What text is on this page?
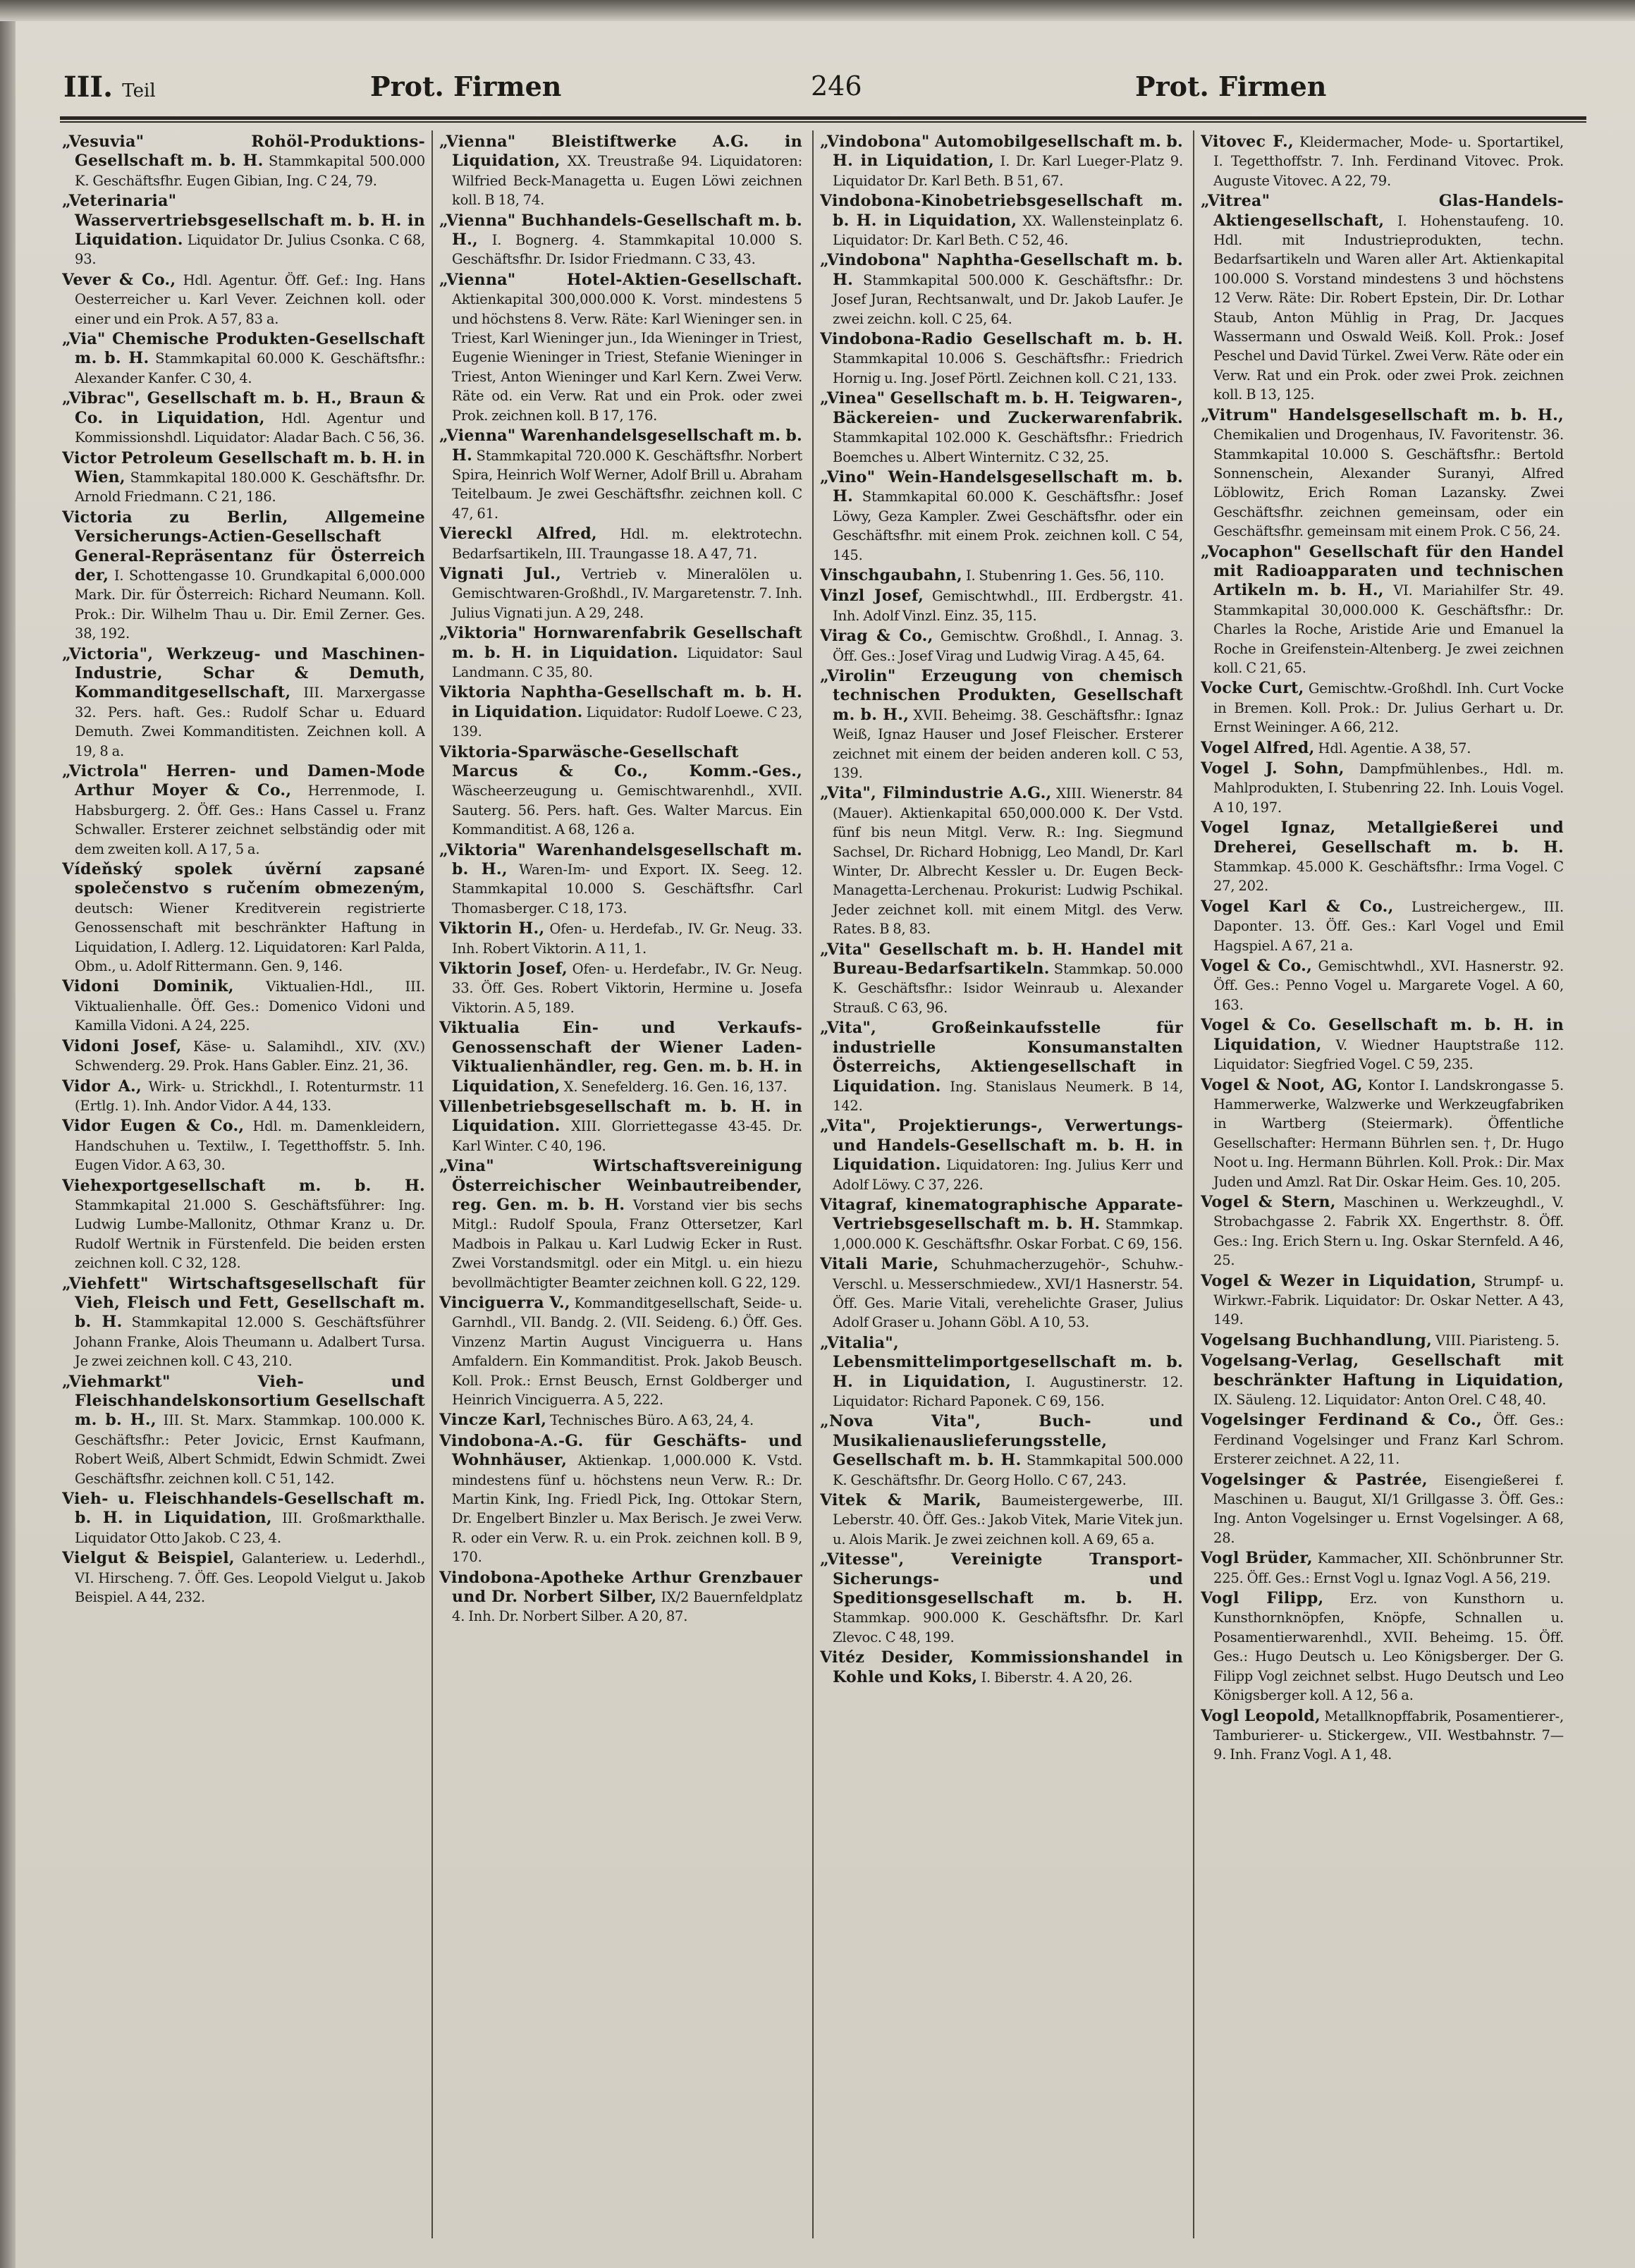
III. Teil	Prot. Firmen	246	Prot. Firmen

„Vesuvia" Rohöl-Produktions-Gesellschaft m. b. H. Stammkapital 500.000 K. Geschäftsfhr. Eugen Gibian, Ing. C 24, 79.

„Veterinaria" Wasservertriebsgesellschaft m. b. H. in Liquidation. Liquidator Dr. Julius Csonka. C 68, 93.

Vever & Co., Hdl. Agentur. Öff. Gef.: Ing. Hans Oesterreicher u. Karl Vever. Zeichnen koll. oder einer und ein Prok. A 57, 83 a.

„Via" Chemische Produkten-Gesellschaft m. b. H. Stammkapital 60.000 K. Geschäftsfhr.: Alexander Kanfer. C 30, 4.

„Vibrac", Gesellschaft m. b. H., Braun & Co. in Liquidation, Hdl. Agentur und Kommissionshdl. Liquidator: Aladar Bach. C 56, 36.

Victor Petroleum Gesellschaft m. b. H. in Wien, Stammkapital 180.000 K. Geschäftsfhr. Dr. Arnold Friedmann. C 21, 186.

Victoria zu Berlin, Allgemeine Versicherungs-Actien-Gesellschaft General-Repräsentanz für Österreich der, I. Schottengasse 10. Grundkapital 6,000.000 Mark. Dir. für Österreich: Richard Neumann. Koll. Prok.: Dir. Wilhelm Thau u. Dir. Emil Zerner. Ges. 38, 192.

„Victoria", Werkzeug- und Maschinen-Industrie, Schar & Demuth, Kommanditgesellschaft, III. Marxergasse 32. Pers. haft. Ges.: Rudolf Schar u. Eduard Demuth. Zwei Kommanditisten. Zeichnen koll. A 19, 8 a.

„Victrola" Herren- und Damen-Mode Arthur Moyer & Co., Herrenmode, I. Habsburgerg. 2. Öff. Ges.: Hans Cassel u. Franz Schwaller. Ersterer zeichnet selbständig oder mit dem zweiten koll. A 17, 5 a.

Vídeňský spolek úvěrní zapsané společenstvo s ručením obmezeným, deutsch: Wiener Kreditverein registrierte Genossenschaft mit beschränkter Haftung in Liquidation, I. Adlerg. 12. Liquidatoren: Karl Palda, Obm., u. Adolf Rittermann. Gen. 9, 146.

Vidoni Dominik, Viktualien-Hdl., III. Viktualienhalle. Öff. Ges.: Domenico Vidoni und Kamilla Vidoni. A 24, 225.

Vidoni Josef, Käse- u. Salamihdl., XIV. (XV.) Schwenderg. 29. Prok. Hans Gabler. Einz. 21, 36.

Vidor A., Wirk- u. Strickhdl., I. Rotenturmstr. 11 (Ertlg. 1). Inh. Andor Vidor. A 44, 133.

Vidor Eugen & Co., Hdl. m. Damenkleidern, Handschuhen u. Textilw., I. Tegetthoffstr. 5. Inh. Eugen Vidor. A 63, 30.

Viehexportgesellschaft m. b. H. Stammkapital 21.000 S. Geschäftsführer: Ing. Ludwig Lumbe-Mallonitz, Othmar Kranz u. Dr. Rudolf Wertnik in Fürstenfeld. Die beiden ersten zeichnen koll. C 32, 128.

„Viehfett" Wirtschaftsgesellschaft für Vieh, Fleisch und Fett, Gesellschaft m. b. H. Stammkapital 12.000 S. Geschäftsführer Johann Franke, Alois Theumann u. Adalbert Tursa. Je zwei zeichnen koll. C 43, 210.

„Viehmarkt" Vieh- und Fleischhandelskonsortium Gesellschaft m. b. H., III. St. Marx. Stammkap. 100.000 K. Geschäftsfhr.: Peter Jovicic, Ernst Kaufmann, Robert Weiß, Albert Schmidt, Edwin Schmidt. Zwei Geschäftsfhr. zeichnen koll. C 51, 142.

Vieh- u. Fleischhandels-Gesellschaft m. b. H. in Liquidation, III. Großmarkthalle. Liquidator Otto Jakob. C 23, 4.

Vielgut & Beispiel, Galanteriew. u. Lederhdl., VI. Hirscheng. 7. Öff. Ges. Leopold Vielgut u. Jakob Beispiel. A 44, 232.

„Vienna" Bleistiftwerke A.G. in Liquidation, XX. Treustraße 94. Liquidatoren: Wilfried Beck-Managetta u. Eugen Löwi zeichnen koll. B 18, 74.

„Vienna" Buchhandels-Gesellschaft m. b. H., I. Bognerg. 4. Stammkapital 10.000 S. Geschäftsfhr. Dr. Isidor Friedmann. C 33, 43.

„Vienna" Hotel-Aktien-Gesellschaft. Aktienkapital 300,000.000 K. Vorst. mindestens 5 und höchstens 8. Verw. Räte: Karl Wieninger sen. in Triest, Karl Wieninger jun., Ida Wieninger in Triest, Eugenie Wieninger in Triest, Stefanie Wieninger in Triest, Anton Wieninger und Karl Kern. Zwei Verw. Räte od. ein Verw. Rat und ein Prok. oder zwei Prok. zeichnen koll. B 17, 176.

„Vienna" Warenhandelsgesellschaft m. b. H. Stammkapital 720.000 K. Geschäftsfhr. Norbert Spira, Heinrich Wolf Werner, Adolf Brill u. Abraham Teitelbaum. Je zwei Geschäftsfhr. zeichnen koll. C 47, 61.

Viereckl Alfred, Hdl. m. elektrotechn. Bedarfsartikeln, III. Traungasse 18. A 47, 71.

Vignati Jul., Vertrieb v. Mineralölen u. Gemischtwaren-Großhdl., IV. Margaretenstr. 7. Inh. Julius Vignati jun. A 29, 248.

„Viktoria" Hornwarenfabrik Gesellschaft m. b. H. in Liquidation. Liquidator: Saul Landmann. C 35, 80.

Viktoria Naphtha-Gesellschaft m. b. H. in Liquidation. Liquidator: Rudolf Loewe. C 23, 139.

Viktoria-Sparwäsche-Gesellschaft Marcus & Co., Komm.-Ges., Wäscheerzeugung u. Gemischtwarenhdl., XVII. Sauterg. 56. Pers. haft. Ges. Walter Marcus. Ein Kommanditist. A 68, 126 a.

„Viktoria" Warenhandelsgesellschaft m. b. H., Waren-Im- und Export. IX. Seeg. 12. Stammkapital 10.000 S. Geschäftsfhr. Carl Thomasberger. C 18, 173.

Viktorin H., Ofen- u. Herdefab., IV. Gr. Neug. 33. Inh. Robert Viktorin. A 11, 1.

Viktorin Josef, Ofen- u. Herdefabr., IV. Gr. Neug. 33. Öff. Ges. Robert Viktorin, Hermine u. Josefa Viktorin. A 5, 189.

Viktualia Ein- und Verkaufs-Genossenschaft der Wiener Laden-Viktualienhändler, reg. Gen. m. b. H. in Liquidation, X. Senefelderg. 16. Gen. 16, 137.

Villenbetriebsgesellschaft m. b. H. in Liquidation. XIII. Glorriettegasse 43-45. Dr. Karl Winter. C 40, 196.

„Vina" Wirtschaftsvereinigung Österreichischer Weinbautreibender, reg. Gen. m. b. H. Vorstand vier bis sechs Mitgl.: Rudolf Spoula, Franz Ottersetzer, Karl Madbois in Palkau u. Karl Ludwig Ecker in Rust. Zwei Vorstandsmitgl. oder ein Mitgl. u. ein hiezu bevollmächtigter Beamter zeichnen koll. G 22, 129.

Vinciguerra V., Kommanditgesellschaft, Seide- u. Garnhdl., VII. Bandg. 2. (VII. Seideng. 6.) Öff. Ges. Vinzenz Martin August Vinciguerra u. Hans Amfaldern. Ein Kommanditist. Prok. Jakob Beusch. Koll. Prok.: Ernst Beusch, Ernst Goldberger und Heinrich Vinciguerra. A 5, 222.

Vincze Karl, Technisches Büro. A 63, 24, 4.

Vindobona-A.-G. für Geschäfts- und Wohnhäuser, Aktienkap. 1,000.000 K. Vstd. mindestens fünf u. höchstens neun Verw. R.: Dr. Martin Kink, Ing. Friedl Pick, Ing. Ottokar Stern, Dr. Engelbert Binzler u. Max Berisch. Je zwei Verw. R. oder ein Verw. R. u. ein Prok. zeichnen koll. B 9, 170.

Vindobona-Apotheke Arthur Grenzbauer und Dr. Norbert Silber, IX/2 Bauernfeldplatz 4. Inh. Dr. Norbert Silber. A 20, 87.

„Vindobona" Automobilgesellschaft m. b. H. in Liquidation, I. Dr. Karl Lueger-Platz 9. Liquidator Dr. Karl Beth. B 51, 67.

Vindobona-Kinobetriebsgesellschaft m. b. H. in Liquidation, XX. Wallensteinplatz 6. Liquidator: Dr. Karl Beth. C 52, 46.

„Vindobona" Naphtha-Gesellschaft m. b. H. Stammkapital 500.000 K. Geschäftsfhr.: Dr. Josef Juran, Rechtsanwalt, und Dr. Jakob Laufer. Je zwei zeichn. koll. C 25, 64.

Vindobona-Radio Gesellschaft m. b. H. Stammkapital 10.006 S. Geschäftsfhr.: Friedrich Hornig u. Ing. Josef Pörtl. Zeichnen koll. C 21, 133.

„Vinea" Gesellschaft m. b. H. Teigwaren-, Bäckereien- und Zuckerwarenfabrik. Stammkapital 102.000 K. Geschäftsfhr.: Friedrich Boemches u. Albert Winternitz. C 32, 25.

„Vino" Wein-Handelsgesellschaft m. b. H. Stammkapital 60.000 K. Geschäftsfhr.: Josef Löwy, Geza Kampler. Zwei Geschäftsfhr. oder ein Geschäftsfhr. mit einem Prok. zeichnen koll. C 54, 145.

Vinschgaubahn, I. Stubenring 1. Ges. 56, 110.

Vinzl Josef, Gemischtwhdl., III. Erdbergstr. 41. Inh. Adolf Vinzl. Einz. 35, 115.

Virag & Co., Gemischtw. Großhdl., I. Annag. 3. Öff. Ges.: Josef Virag und Ludwig Virag. A 45, 64.

„Virolin" Erzeugung von chemisch technischen Produkten, Gesellschaft m. b. H., XVII. Beheimg. 38. Geschäftsfhr.: Ignaz Weiß, Ignaz Hauser und Josef Fleischer. Ersterer zeichnet mit einem der beiden anderen koll. C 53, 139.

„Vita", Filmindustrie A.G., XIII. Wienerstr. 84 (Mauer). Aktienkapital 650,000.000 K. Der Vstd. fünf bis neun Mitgl. Verw. R.: Ing. Siegmund Sachsel, Dr. Richard Hobnigg, Leo Mandl, Dr. Karl Winter, Dr. Albrecht Kessler u. Dr. Eugen Beck-Managetta-Lerchenau. Prokurist: Ludwig Pschikal. Jeder zeichnet koll. mit einem Mitgl. des Verw. Rates. B 8, 83.

„Vita" Gesellschaft m. b. H. Handel mit Bureau-Bedarfsartikeln. Stammkap. 50.000 K. Geschäftsfhr.: Isidor Weinraub u. Alexander Strauß. C 63, 96.

„Vita", Großeinkaufsstelle für industrielle Konsumanstalten Österreichs, Aktiengesellschaft in Liquidation. Ing. Stanislaus Neumerk. B 14, 142.

„Vita", Projektierungs-, Verwertungs- und Handels-Gesellschaft m. b. H. in Liquidation. Liquidatoren: Ing. Julius Kerr und Adolf Löwy. C 37, 226.

Vitagraf, kinematographische Apparate-Vertriebsgesellschaft m. b. H. Stammkap. 1,000.000 K. Geschäftsfhr. Oskar Forbat. C 69, 156.

Vitali Marie, Schuhmacherzugehör-, Schuhw.-Verschl. u. Messerschmiedew., XVI/1 Hasnerstr. 54. Öff. Ges. Marie Vitali, verehelichte Graser, Julius Adolf Graser u. Johann Göbl. A 10, 53.

„Vitalia", Lebensmittelimportgesellschaft m. b. H. in Liquidation, I. Augustinerstr. 12. Liquidator: Richard Paponek. C 69, 156.

„Nova Vita", Buch- und Musikalienauslieferungsstelle, Gesellschaft m. b. H. Stammkapital 500.000 K. Geschäftsfhr. Dr. Georg Hollo. C 67, 243.

Vitek & Marik, Baumeistergewerbe, III. Leberstr. 40. Öff. Ges.: Jakob Vitek, Marie Vitek jun. u. Alois Marik. Je zwei zeichnen koll. A 69, 65 a.

„Vitesse", Vereinigte Transport-Sicherungs- und Speditionsgesellschaft m. b. H. Stammkap. 900.000 K. Geschäftsfhr. Dr. Karl Zlevoc. C 48, 199.

Vitéz Desider, Kommissionshandel in Kohle und Koks, I. Biberstr. 4. A 20, 26.

Vitovec F., Kleidermacher, Mode- u. Sportartikel, I. Tegetthoffstr. 7. Inh. Ferdinand Vitovec. Prok. Auguste Vitovec. A 22, 79.

„Vitrea" Glas-Handels-Aktiengesellschaft, I. Hohenstaufeng. 10. Hdl. mit Industrieprodukten, techn. Bedarfsartikeln und Waren aller Art. Aktienkapital 100.000 S. Vorstand mindestens 3 und höchstens 12 Verw. Räte: Dir. Robert Epstein, Dir. Dr. Lothar Staub, Anton Mühlig in Prag, Dr. Jacques Wassermann und Oswald Weiß. Koll. Prok.: Josef Peschel und David Türkel. Zwei Verw. Räte oder ein Verw. Rat und ein Prok. oder zwei Prok. zeichnen koll. B 13, 125.

„Vitrum" Handelsgesellschaft m. b. H., Chemikalien und Drogenhaus, IV. Favoritenstr. 36. Stammkapital 10.000 S. Geschäftsfhr.: Bertold Sonnenschein, Alexander Suranyi, Alfred Löblowitz, Erich Roman Lazansky. Zwei Geschäftsfhr. zeichnen gemeinsam, oder ein Geschäftsfhr. gemeinsam mit einem Prok. C 56, 24.

„Vocaphon" Gesellschaft für den Handel mit Radioapparaten und technischen Artikeln m. b. H., VI. Mariahilfer Str. 49. Stammkapital 30,000.000 K. Geschäftsfhr.: Dr. Charles la Roche, Aristide Arie und Emanuel la Roche in Greifenstein-Altenberg. Je zwei zeichnen koll. C 21, 65.

Vocke Curt, Gemischtw.-Großhdl. Inh. Curt Vocke in Bremen. Koll. Prok.: Dr. Julius Gerhart u. Dr. Ernst Weininger. A 66, 212.

Vogel Alfred, Hdl. Agentie. A 38, 57.

Vogel J. Sohn, Dampfmühlenbes., Hdl. m. Mahlprodukten, I. Stubenring 22. Inh. Louis Vogel. A 10, 197.

Vogel Ignaz, Metallgießerei und Dreherei, Gesellschaft m. b. H. Stammkap. 45.000 K. Geschäftsfhr.: Irma Vogel. C 27, 202.

Vogel Karl & Co., Lustreichergew., III. Dapontег. 13. Öff. Ges.: Karl Vogel und Emil Hagspiel. A 67, 21 a.

Vogel & Co., Gemischtwhdl., XVI. Hasnerstr. 92. Öff. Ges.: Penno Vogel u. Margarete Vogel. A 60, 163.

Vogel & Co. Gesellschaft m. b. H. in Liquidation, V. Wiedner Hauptstraße 112. Liquidator: Siegfried Vogel. C 59, 235.

Vogel & Noot, AG, Kontor I. Landskrongasse 5. Hammerwerke, Walzwerke und Werkzeugfabriken in Wartberg (Steiermark). Öffentliche Gesellschafter: Hermann Bührlen sen. †, Dr. Hugo Noot u. Ing. Hermann Bührlen. Koll. Prok.: Dir. Max Juden und Amzl. Rat Dir. Oskar Heim. Ges. 10, 205.

Vogel & Stern, Maschinen u. Werkzeughdl., V. Strobachgasse 2. Fabrik XX. Engerthstr. 8. Öff. Ges.: Ing. Erich Stern u. Ing. Oskar Sternfeld. A 46, 25.

Vogel & Wezer in Liquidation, Strumpf- u. Wirkwr.-Fabrik. Liquidator: Dr. Oskar Netter. A 43, 149.

Vogelsang Buchhandlung, VIII. Piaristeng. 5.

Vogelsang-Verlag, Gesellschaft mit beschränkter Haftung in Liquidation, IX. Säuleng. 12. Liquidator: Anton Orel. C 48, 40.

Vogelsinger Ferdinand & Co., Öff. Ges.: Ferdinand Vogelsinger und Franz Karl Schrom. Ersterer zeichnet. A 22, 11.

Vogelsinger & Pastrée, Eisengießerei f. Maschinen u. Baugut, XI/1 Grillgasse 3. Öff. Ges.: Ing. Anton Vogelsinger u. Ernst Vogelsinger. A 68, 28.

Vogl Brüder, Kammacher, XII. Schönbrunner Str. 225. Öff. Ges.: Ernst Vogl u. Ignaz Vogl. A 56, 219.

Vogl Filipp, Erz. von Kunsthorn u. Kunsthornknöpfen, Knöpfe, Schnallen u. Posamentierwarenhdl., XVII. Beheimg. 15. Öff. Ges.: Hugo Deutsch u. Leo Königsberger. Der G. Filipp Vogl zeichnet selbst. Hugo Deutsch und Leo Königsberger koll. A 12, 56 a.

Vogl Leopold, Metallknopffabrik, Posamentierer-, Tamburierer- u. Stickergew., VII. Westbahnstr. 7—9. Inh. Franz Vogl. A 1, 48.
